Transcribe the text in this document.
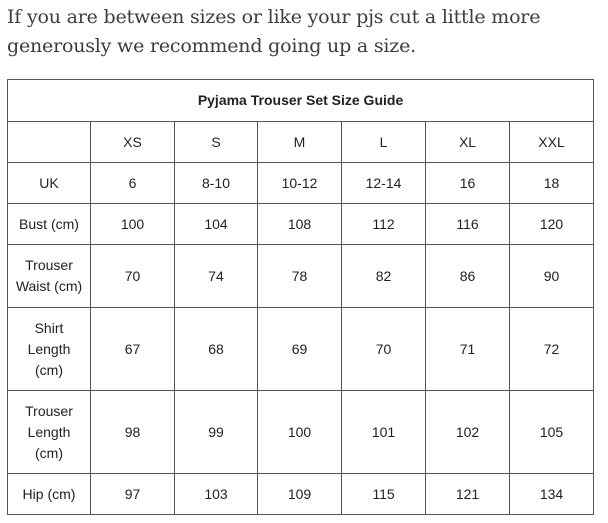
If you are between sizes or like your pjs cut a little more
generously we recommend going up a size.

Pyjama Trouser Set Size Guide						
	XS	S	M	L	XL	XXL
UK	6	8-10	10-12	12-14	16	18
Bust (cm)	100	104	108	112	116	120
Trouser
Waist (cm)	70	74	78	82	86	90
Shirt
Length
(cm)	67	68	69	70	71	72
Trouser
Length
(cm)	98	99	100	101	102	105
Hip (cm)	97	103	109	115	121	134
